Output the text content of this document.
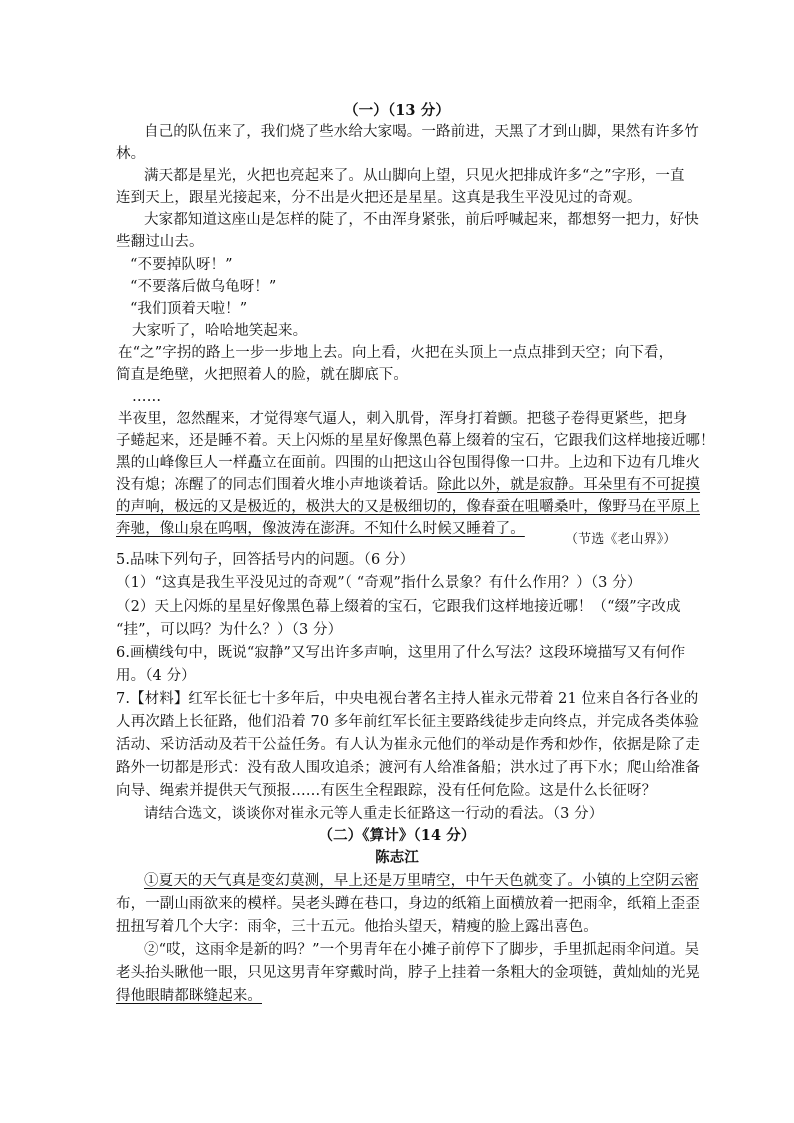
（一）（13 分）
自己的队伍来了，我们烧了些水给大家喝。一路前进，天黑了才到山脚，果然有许多竹
林。
满天都是星光，火把也亮起来了。从山脚向上望，只见火把排成许多“之”字形，一直
连到天上，跟星光接起来，分不出是火把还是星星。这真是我生平没见过的奇观。
大家都知道这座山是怎样的陡了，不由浑身紧张，前后呼喊起来，都想努一把力，好快
些翻过山去。
“不要掉队呀！”
“不要落后做乌龟呀！”
“我们顶着天啦！”
大家听了，哈哈地笑起来。
在“之”字拐的路上一步一步地上去。向上看，火把在头顶上一点点排到天空；向下看，
简直是绝壁，火把照着人的脸，就在脚底下。
……
半夜里，忽然醒来，才觉得寒气逼人，刺入肌骨，浑身打着颤。把毯子卷得更紧些，把身
子蜷起来，还是睡不着。天上闪烁的星星好像黑色幕上缀着的宝石，它跟我们这样地接近哪！
黑的山峰像巨人一样矗立在面前。四围的山把这山谷包围得像一口井。上边和下边有几堆火
没有熄；冻醒了的同志们围着火堆小声地谈着话。除此以外，就是寂静。耳朵里有不可捉摸
的声响，极远的又是极近的，极洪大的又是极细切的，像春蚕在咀嚼桑叶，像野马在平原上
奔驰，像山泉在呜咽，像波涛在澎湃。不知什么时候又睡着了。
（节选《老山界》）
5.品味下列句子，回答括号内的问题。（6 分）
（1）“这真是我生平没见过的奇观”（ “奇观”指什么景象？有什么作用？）（3 分）
（2）天上闪烁的星星好像黑色幕上缀着的宝石，它跟我们这样地接近哪！（“缀”字改成
“挂”，可以吗？为什么？）（3 分）
6.画横线句中，既说“寂静”又写出许多声响，这里用了什么写法？这段环境描写又有何作
用。（4 分）
7.【材料】红军长征七十多年后，中央电视台著名主持人崔永元带着 21 位来自各行各业的
人再次踏上长征路，他们沿着 70 多年前红军长征主要路线徒步走向终点，并完成各类体验
活动、采访活动及若干公益任务。有人认为崔永元他们的举动是作秀和炒作，依据是除了走
路外一切都是形式：没有敌人围攻追杀；渡河有人给准备船；洪水过了再下水；爬山给准备
向导、绳索并提供天气预报……有医生全程跟踪，没有任何危险。这是什么长征呀？
请结合选文，谈谈你对崔永元等人重走长征路这一行动的看法。（3 分）
（二）《算计》（14 分）
陈志江
①夏天的天气真是变幻莫测，早上还是万里晴空，中午天色就变了。小镇的上空阴云密
布，一副山雨欲来的模样。吴老头蹲在巷口，身边的纸箱上面横放着一把雨伞，纸箱上歪歪
扭扭写着几个大字：雨伞，三十五元。他抬头望天，精瘦的脸上露出喜色。
②“哎，这雨伞是新的吗？”一个男青年在小摊子前停下了脚步，手里抓起雨伞问道。吴
老头抬头瞅他一眼，只见这男青年穿戴时尚，脖子上挂着一条粗大的金项链，黄灿灿的光晃
得他眼睛都眯缝起来。
